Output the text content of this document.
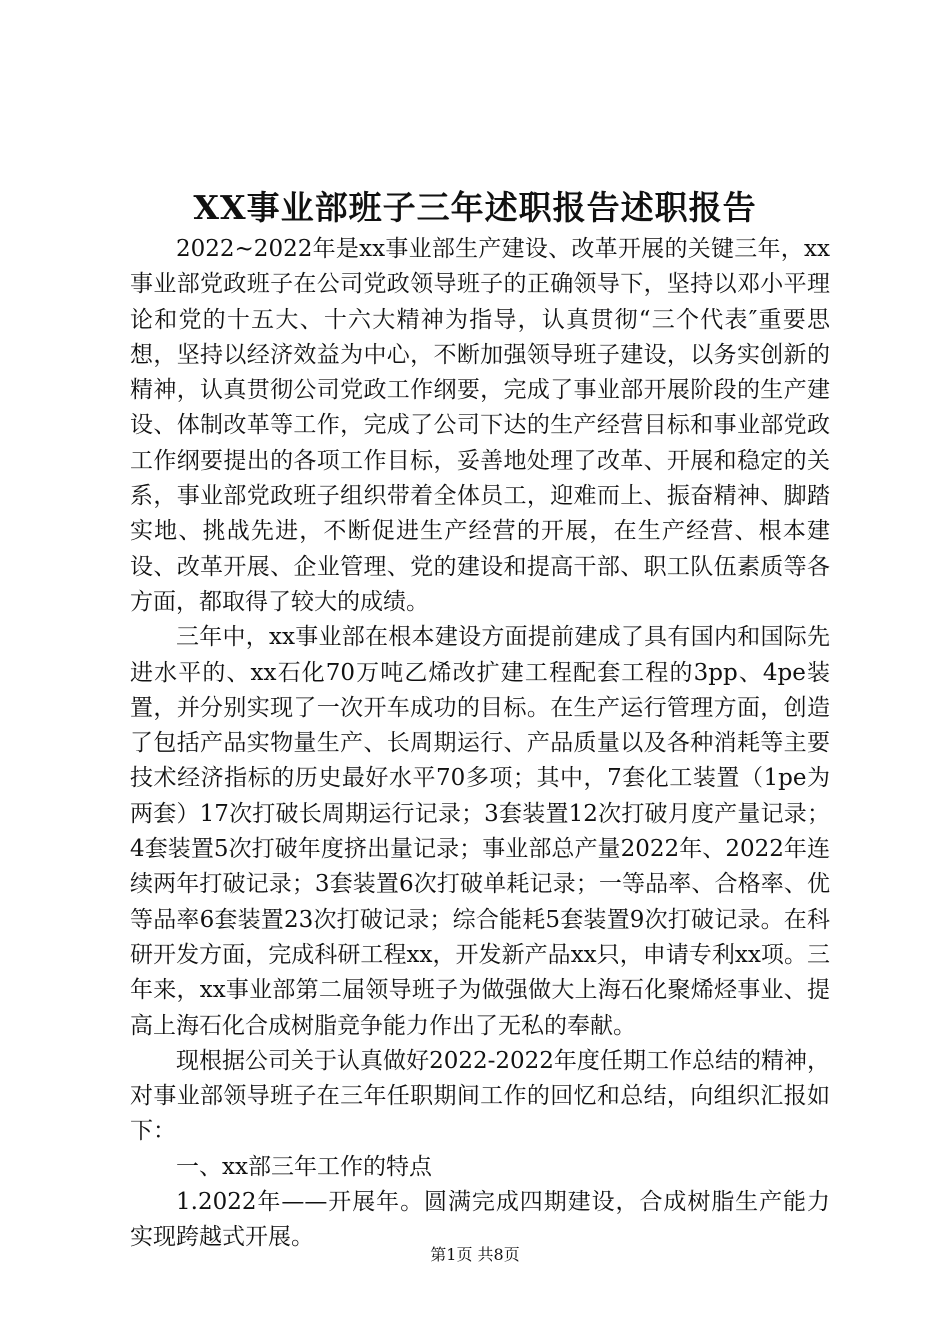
XX事业部班子三年述职报告述职报告

2022~2022年是xx事业部生产建设、改革开展的关键三年，xx事业部党政班子在公司党政领导班子的正确领导下，坚持以邓小平理论和党的十五大、十六大精神为指导，认真贯彻“三个代表″重要思想，坚持以经济效益为中心，不断加强领导班子建设，以务实创新的精神，认真贯彻公司党政工作纲要，完成了事业部开展阶段的生产建设、体制改革等工作，完成了公司下达的生产经营目标和事业部党政工作纲要提出的各项工作目标，妥善地处理了改革、开展和稳定的关系，事业部党政班子组织带着全体员工，迎难而上、振奋精神、脚踏实地、挑战先进，不断促进生产经营的开展，在生产经营、根本建设、改革开展、企业管理、党的建设和提高干部、职工队伍素质等各方面，都取得了较大的成绩。

三年中，xx事业部在根本建设方面提前建成了具有国内和国际先进水平的、xx石化70万吨乙烯改扩建工程配套工程的3pp、4pe装置，并分别实现了一次开车成功的目标。在生产运行管理方面，创造了包括产品实物量生产、长周期运行、产品质量以及各种消耗等主要技术经济指标的历史最好水平70多项；其中，7套化工装置（1pe为两套）17次打破长周期运行记录；3套装置12次打破月度产量记录；4套装置5次打破年度挤出量记录；事业部总产量2022年、2022年连续两年打破记录；3套装置6次打破单耗记录；一等品率、合格率、优等品率6套装置23次打破记录；综合能耗5套装置9次打破记录。在科研开发方面，完成科研工程xx，开发新产品xx只，申请专利xx项。三年来，xx事业部第二届领导班子为做强做大上海石化聚烯烃事业、提高上海石化合成树脂竞争能力作出了无私的奉献。

现根据公司关于认真做好2022-2022年度任期工作总结的精神，对事业部领导班子在三年任职期间工作的回忆和总结，向组织汇报如下：

一、xx部三年工作的特点

1.2022年——开展年。圆满完成四期建设，合成树脂生产能力实现跨越式开展。

第1页 共8页
